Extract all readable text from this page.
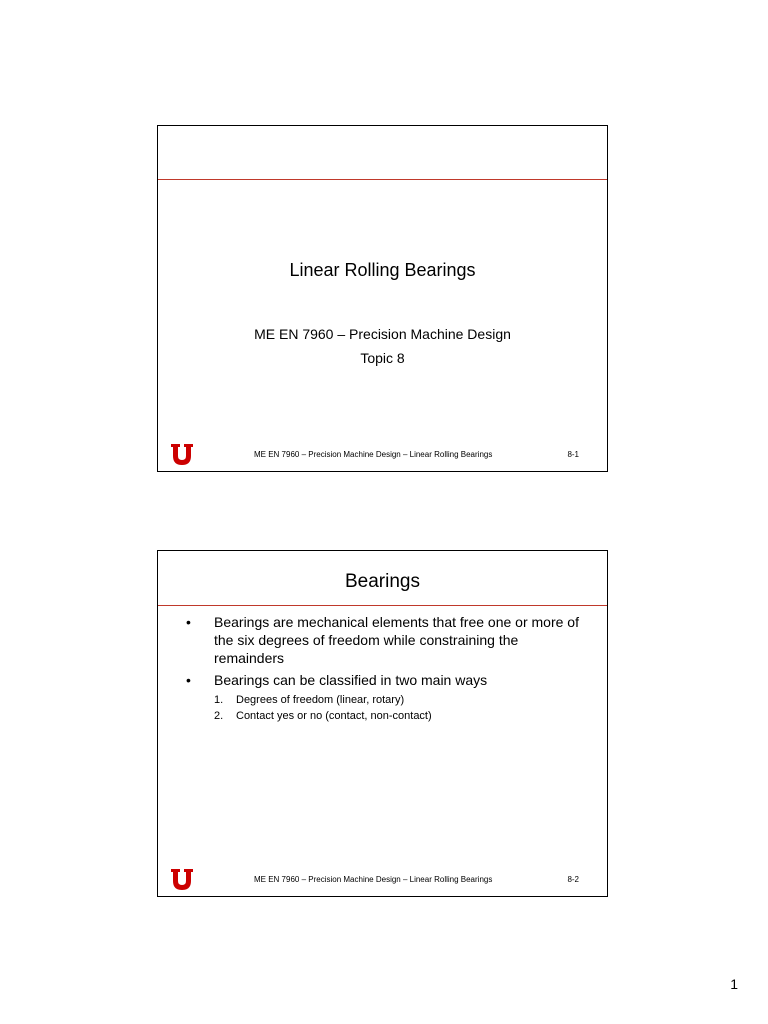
Linear Rolling Bearings
ME EN 7960 – Precision Machine Design
Topic 8
ME EN 7960 – Precision Machine Design – Linear Rolling Bearings	8-1
Bearings
• Bearings are mechanical elements that free one or more of the six degrees of freedom while constraining the remainders
• Bearings can be classified in two main ways
1. Degrees of freedom (linear, rotary)
2. Contact yes or no (contact, non-contact)
ME EN 7960 – Precision Machine Design – Linear Rolling Bearings	8-2
1
